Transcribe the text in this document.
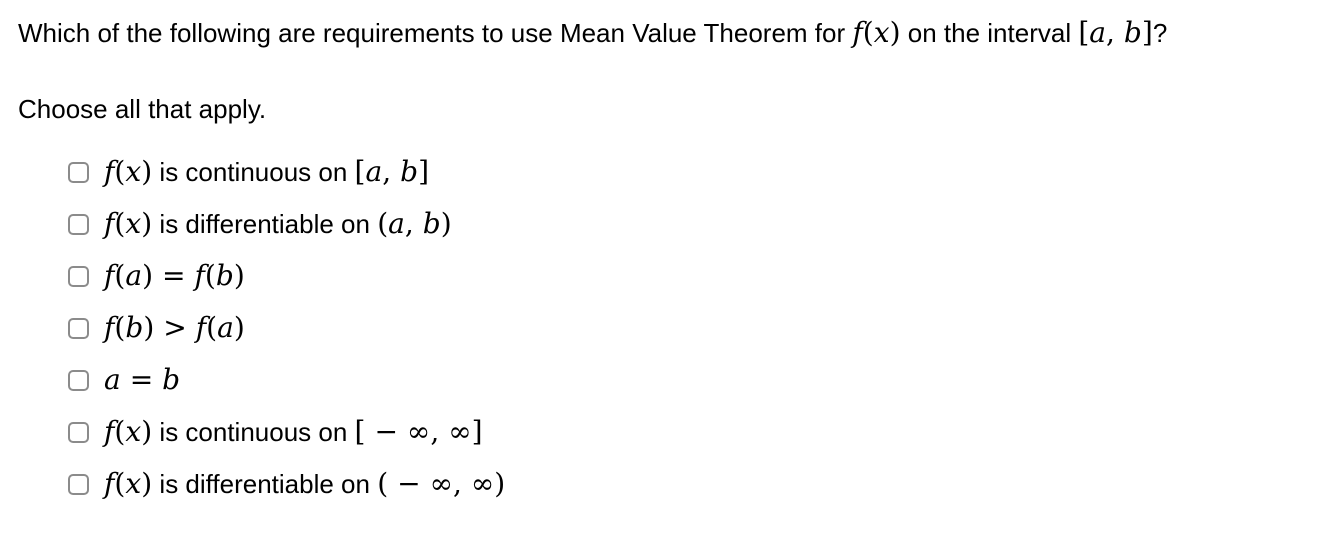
Which of the following are requirements to use Mean Value Theorem for f(x) on the interval [a, b]?

Choose all that apply.

f(x) is continuous on [a, b]
f(x) is differentiable on (a, b)
f(a) = f(b)
f(b) > f(a)
a = b
f(x) is continuous on [ − ∞, ∞]
f(x) is differentiable on ( − ∞, ∞)
